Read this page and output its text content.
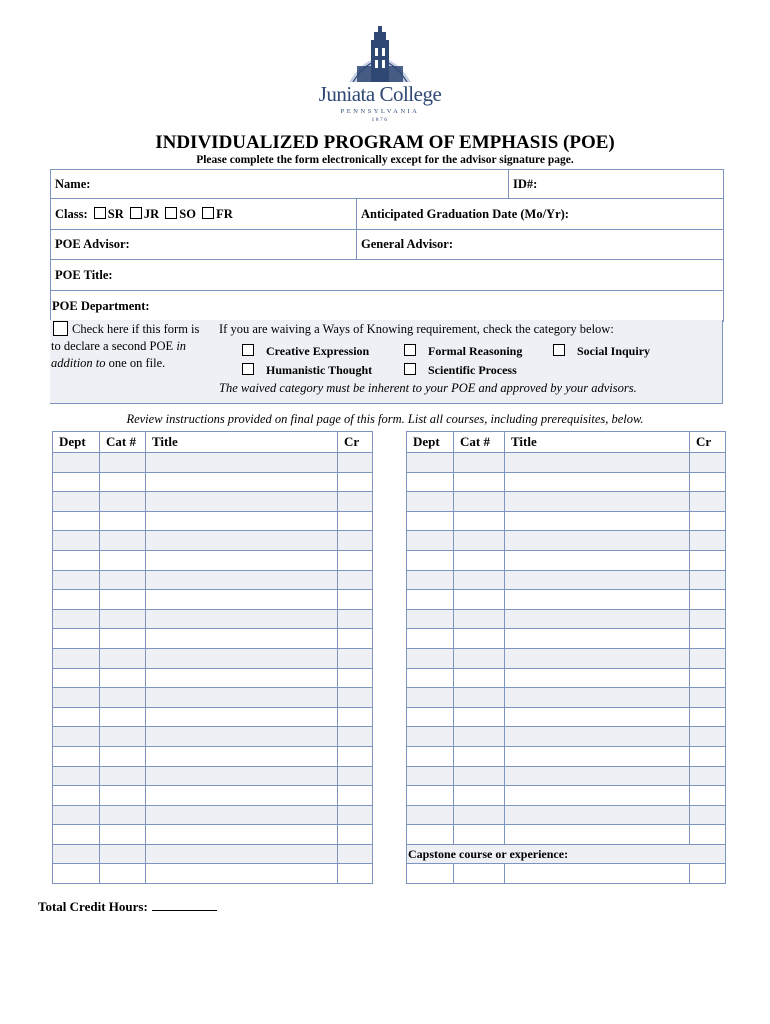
Juniata College
PENNSYLVANIA
1876
INDIVIDUALIZED PROGRAM OF EMPHASIS (POE)
Please complete the form electronically except for the advisor signature page.
Name:		ID#:
Class: SR JR SO FR	Anticipated Graduation Date (Mo/Yr):	
POE Advisor:	General Advisor:	
POE Title:		
POE Department:		
Check here if this form is
to declare a second POE in
addition to one on file.
If you are waiving a Ways of Knowing requirement, check the category below:
Creative Expression	Formal Reasoning	Social Inquiry
Humanistic Thought	Scientific Process
The waived category must be inherent to your POE and approved by your advisors.
Review instructions provided on final page of this form. List all courses, including prerequisites, below.
Dept	Cat #	Title	Cr

				Dept	Cat #	Title	Cr

Capstone course or experience:			

Total Credit Hours:
